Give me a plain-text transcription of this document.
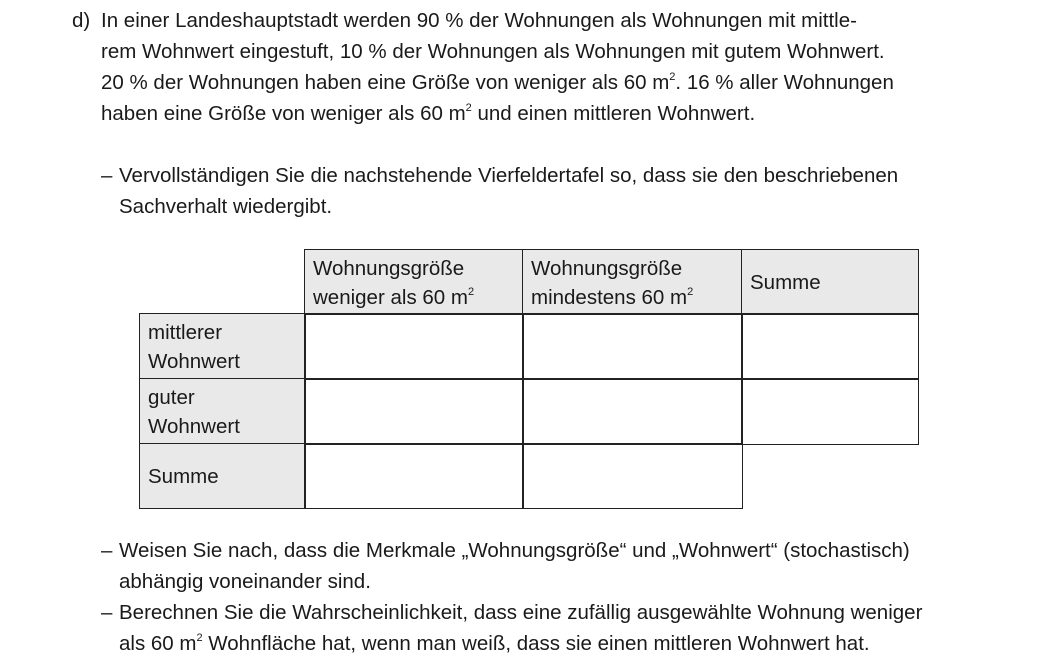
d) In einer Landeshauptstadt werden 90 % der Wohnungen als Wohnungen mit mittle-
rem Wohnwert eingestuft, 10 % der Wohnungen als Wohnungen mit gutem Wohnwert.
20 % der Wohnungen haben eine Größe von weniger als 60 $m^2$. 16 % aller Wohnungen
haben eine Größe von weniger als 60 $m^2$ und einen mittleren Wohnwert.
– Vervollständigen Sie die nachstehende Vierfeldertafel so, dass sie den beschriebenen
Sachverhalt wiedergibt.
Wohnungsgröße
weniger als 60 $m^2$
Wohnungsgröße
mindestens 60 $m^2$	Summe
mittlerer
Wohnwert
guter
Wohnwert
Summe
– Weisen Sie nach, dass die Merkmale „Wohnungsgröße“ und „Wohnwert“ (stochastisch)
abhängig voneinander sind.
– Berechnen Sie die Wahrscheinlichkeit, dass eine zufällig ausgewählte Wohnung weniger
als 60 $m^2$ Wohnfläche hat, wenn man weiß, dass sie einen mittleren Wohnwert hat.
